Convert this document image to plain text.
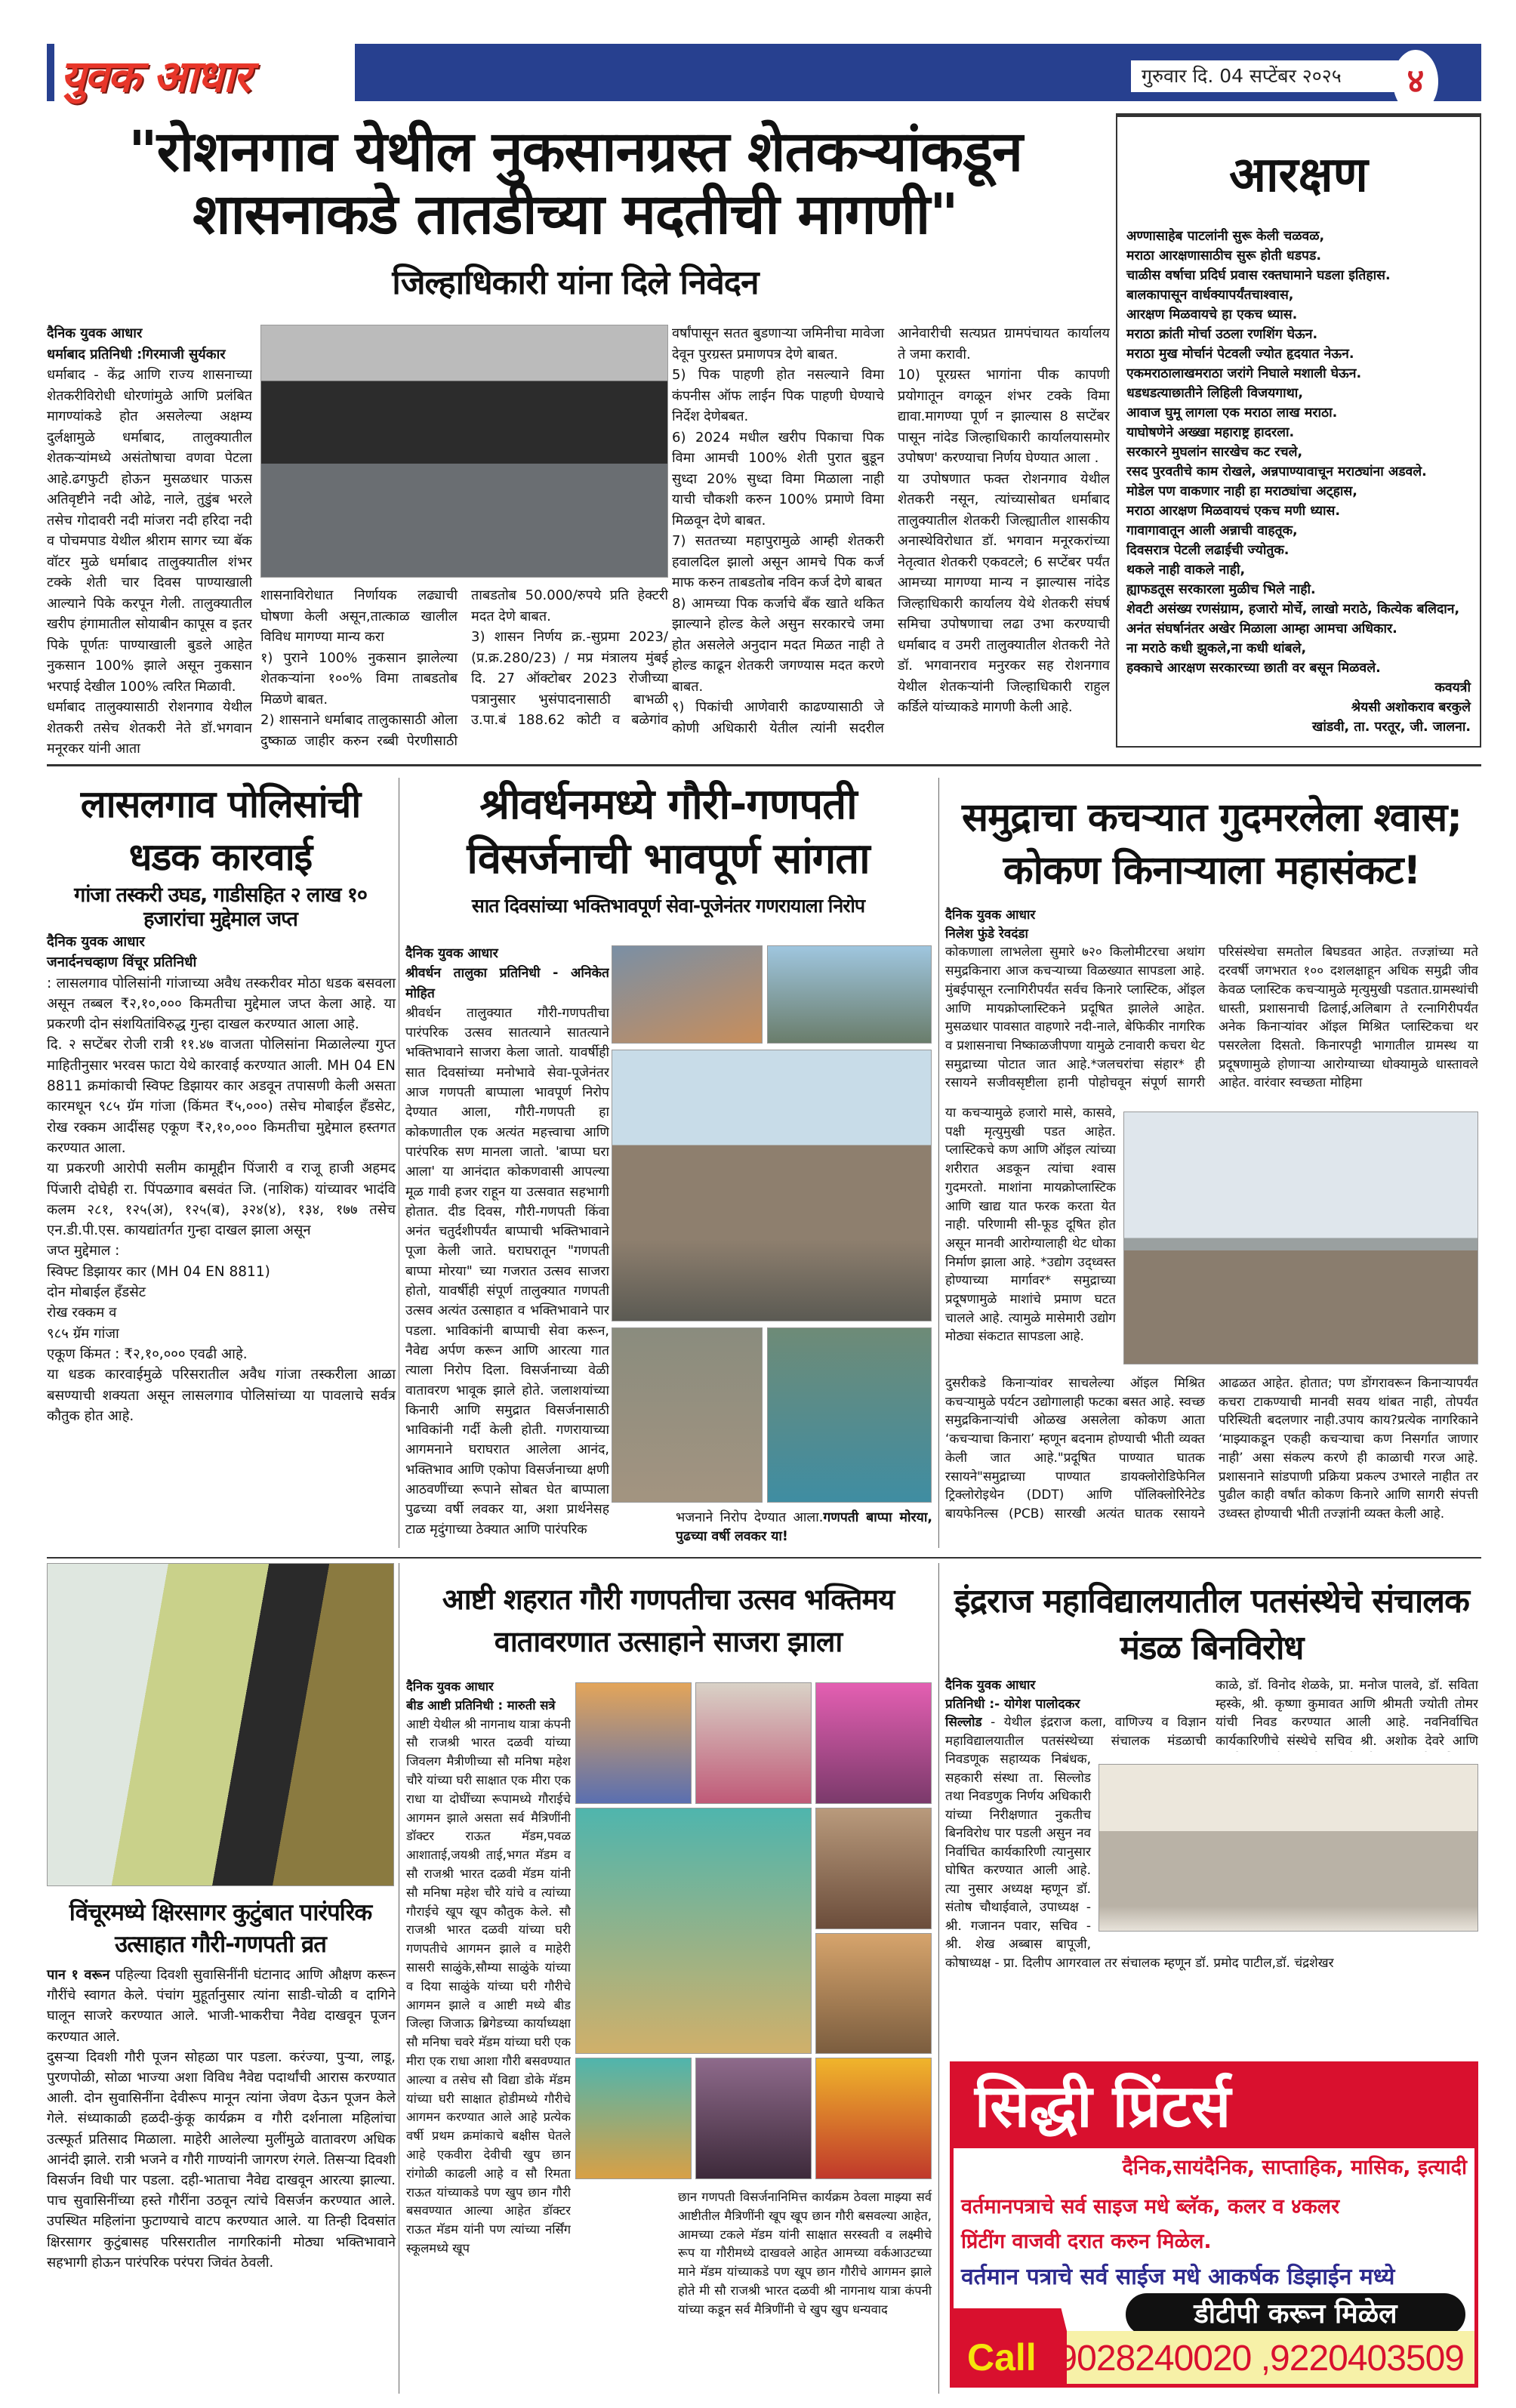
युवक आधार	गुरुवार दि. 04 सप्टेंबर २०२५	४
"रोशनगाव येथील नुकसानग्रस्त शेतकऱ्यांकडून शासनाकडे तातडीच्या मदतीची मागणी"
जिल्हाधिकारी यांना दिले निवेदन
दैनिक युवक आधार
धर्माबाद प्रतिनिधी :गिरमाजी सुर्यकार
धर्माबाद - केंद्र आणि राज्य शासनाच्या शेतकरीविरोधी धोरणांमुळे आणि प्रलंबित मागण्यांकडे होत असलेल्या अक्षम्य दुर्लक्षामुळे धर्माबाद, तालुक्यातील शेतकऱ्यांमध्ये असंतोषाचा वणवा पेटला आहे.ढगफुटी होऊन मुसळधार पाऊस अतिवृष्टीने नदी ओढे, नाले, तुडुंब भरले तसेच गोदावरी नदी मांजरा नदी हरिदा नदी व पोचमपाड येथील श्रीराम सागर च्या बॅक वॉटर मुळे धर्माबाद तालुक्यातील शंभर टक्के शेती चार दिवस पाण्याखाली आल्याने पिके करपून गेली. तालुक्यातील खरीप हंगामातील सोयाबीन कापूस व इतर पिके पूर्णतः पाण्याखाली बुडले आहेत नुकसान 100% झाले असून नुकसान भरपाई देखील 100% त्वरित मिळावी.
धर्माबाद तालुक्यासाठी रोशनगाव येथील शेतकरी तसेच शेतकरी नेते डॉ.भगवान मनूरकर यांनी आता
शासनाविरोधात निर्णायक लढ्याची घोषणा केली असून,तात्काळ खालील विविध मागण्या मान्य करा
१) पुराने 100% नुकसान झालेल्या शेतकऱ्यांना १००% विमा ताबडतोब मिळणे बाबत.
2) शासनाने धर्माबाद तालुकासाठी ओला दुष्काळ जाहीर करुन रब्बी पेरणीसाठी ताबडतोब 50.000/रुपये प्रति हेक्टरी मदत देणे बाबत.
3) शासन निर्णय क्र.-सुप्रमा 2023/ (प्र.क्र.280/23) / मप्र मंत्रालय मुंबई दि. 27 ऑक्टोबर 2023 रोजीच्या पत्रानुसार भुसंपादनासाठी बाभळी उ.पा.बं 188.62 कोटी व बळेगांव
वर्षांपासून सतत बुडणाऱ्या जमिनीचा मावेजा देवून पुरग्रस्त प्रमाणपत्र देणे बाबत.
5) पिक पाहणी होत नसल्याने विमा कंपनीस ऑफ लाईन पिक पाहणी घेण्याचे निर्देश देणेबबत.
6) 2024 मधील खरीप पिकाचा पिक विमा आमची 100% शेती पुरात बुडून सुध्दा 20% सुध्दा विमा मिळाला नाही याची चौकशी करुन 100% प्रमाणे विमा मिळवून देणे बाबत.
7) सततच्या महापुरामुळे आम्ही शेतकरी हवालदिल झालो असून आमचे पिक कर्ज माफ करुन ताबडतोब नविन कर्ज देणे बाबत
8) आमच्या पिक कर्जाचे बँक खाते थकित झाल्याने होल्ड केले असुन सरकारचे जमा होत असलेले अनुदान मदत मिळत नाही ते होल्ड काढून शेतकरी जगण्यास मदत करणे बाबत.
९) पिकांची आणेवारी काढण्यासाठी जे कोणी अधिकारी येतील त्यांनी सदरील आनेवारीची सत्यप्रत ग्रामपंचायत कार्यालय ते जमा करावी.
10) पूरग्रस्त भागांना पीक कापणी प्रयोगातून वगळून शंभर टक्के विमा द्यावा.मागण्या पूर्ण न झाल्यास 8 सप्टेंबर पासून नांदेड जिल्हाधिकारी कार्यालयासमोर उपोषण' करण्याचा निर्णय घेण्यात आला .
या उपोषणात फक्त रोशनगाव येथील शेतकरी नसून, त्यांच्यासोबत धर्माबाद तालुक्यातील शेतकरी जिल्ह्यातील शासकीय अनास्थेविरोधात डॉ. भगवान मनूरकरांच्या नेतृत्वात शेतकरी एकवटले; 6 सप्टेंबर पर्यंत आमच्या मागण्या मान्य न झाल्यास नांदेड जिल्हाधिकारी कार्यालय येथे शेतकरी संघर्ष समिचा उपोषणाचा लढा उभा करण्याची धर्माबाद व उमरी तालुक्यातील शेतकरी नेते डॉ. भगवानराव मनुरकर सह रोशनगाव येथील शेतकऱ्यांनी जिल्हाधिकारी राहुल कर्डिले यांच्याकडे मागणी केली आहे.
आरक्षण
अण्णासाहेब पाटलांनी सुरू केली चळवळ,
मराठा आरक्षणासाठीच सुरू होती धडपड.
चाळीस वर्षाचा प्रदिर्घ प्रवास रक्तघामाने घडला इतिहास.
बालकापासून वार्धक्यापर्यंतचाश्वास,
आरक्षण मिळवायचे हा एकच ध्यास.
मराठा क्रांती मोर्चा उठला रणशिंग घेऊन.
मराठा मुख मोर्चानं पेटवली ज्योत हृदयात नेऊन.
एकमराठालाखमराठा जरांगे निघाले मशाली घेऊन.
धडधडत्याछातीने लिहिली विजयगाथा,
आवाज घुमू लागला एक मराठा लाख मराठा.
याघोषणेने अख्खा महाराष्ट्र हादरला.
सरकारने मुघलांन सारखेच कट रचले,
रसद पुरवतीचे काम रोखले, अन्नपाण्यावाचून मराठ्यांना अडवले.
मोडेल पण वाकणार नाही हा मराठ्यांचा अट्हास,
मराठा आरक्षण मिळवायचं एकच मणी ध्यास.
गावागावातून आली अन्नाची वाहतूक,
दिवसरात्र पेटली लढाईची ज्योतुक.
थकले नाही वाकले नाही,
ह्याफडतूस सरकारला मुळीच भिले नाही.
शेवटी असंख्य रणसंग्राम, हजारो मोर्चे, लाखो मराठे, कित्येक बलिदान,
अनंत संघर्षानंतर अखेर मिळाला आम्हा आमचा अधिकार.
ना मराठे कधी झुकले,ना कधी थांबले,
हक्काचे आरक्षण सरकारच्या छाती वर बसून मिळवले.
कवयत्री
श्रेयसी अशोकराव बरकुले
खांडवी, ता. परतूर, जी. जालना.
लासलगाव पोलिसांची धडक कारवाई
गांजा तस्करी उघड, गाडीसहित २ लाख १० हजारांचा मुद्देमाल जप्त
दैनिक युवक आधार
जनार्दनचव्हाण विंचूर प्रतिनिधी
: लासलगाव पोलिसांनी गांजाच्या अवैध तस्करीवर मोठा धडक बसवला असून तब्बल ₹२,१०,००० किमतीचा मुद्देमाल जप्त केला आहे. या प्रकरणी दोन संशयितांविरुद्ध गुन्हा दाखल करण्यात आला आहे.
दि. २ सप्टेंबर रोजी रात्री ११.४७ वाजता पोलिसांना मिळालेल्या गुप्त माहितीनुसार भरवस फाटा येथे कारवाई करण्यात आली. MH 04 EN 8811 क्रमांकाची स्विफ्ट डिझायर कार अडवून तपासणी केली असता कारमधून ९८५ ग्रॅम गांजा (किंमत ₹५,०००) तसेच मोबाईल हँडसेट, रोख रक्कम आदींसह एकूण ₹२,१०,००० किमतीचा मुद्देमाल हस्तगत करण्यात आला.
या प्रकरणी आरोपी सलीम कामूद्दीन पिंजारी व राजू हाजी अहमद पिंजारी दोघेही रा. पिंपळगाव बसवंत जि. (नाशिक) यांच्यावर भादंवि कलम २८१, १२५(अ), १२५(ब), ३२४(४), १३४, १७७ तसेच एन.डी.पी.एस. कायद्यांतर्गत गुन्हा दाखल झाला असून
जप्त मुद्देमाल :
स्विफ्ट डिझायर कार (MH 04 EN 8811)
दोन मोबाईल हँडसेट
रोख रक्कम व
९८५ ग्रॅम गांजा
एकूण किंमत : ₹२,१०,००० एवढी आहे.
या धडक कारवाईमुळे परिसरातील अवैध गांजा तस्करीला आळा बसण्याची शक्यता असून लासलगाव पोलिसांच्या या पावलाचे सर्वत्र कौतुक होत आहे.
श्रीवर्धनमध्ये गौरी-गणपती विसर्जनाची भावपूर्ण सांगता
सात दिवसांच्या भक्तिभावपूर्ण सेवा-पूजेनंतर गणरायाला निरोप
दैनिक युवक आधार
श्रीवर्धन तालुका प्रतिनिधी - अनिकेत मोहित
श्रीवर्धन तालुक्यात गौरी-गणपतीचा पारंपरिक उत्सव सातत्याने सातत्याने भक्तिभावाने साजरा केला जातो. यावर्षीही सात दिवसांच्या मनोभावे सेवा-पूजेनंतर आज गणपती बाप्पाला भावपूर्ण निरोप देण्यात आला, गौरी-गणपती हा कोकणातील एक अत्यंत महत्त्वाचा आणि पारंपरिक सण मानला जातो. 'बाप्पा घरा आला' या आनंदात कोकणवासी आपल्या मूळ गावी हजर राहून या उत्सवात सहभागी होतात. दीड दिवस, गौरी-गणपती किंवा अनंत चतुर्दशीपर्यंत बाप्पाची भक्तिभावाने पूजा केली जाते. घराघरातून "गणपती बाप्पा मोरया" च्या गजरात उत्सव साजरा होतो, यावर्षीही संपूर्ण तालुक्यात गणपती उत्सव अत्यंत उत्साहात व भक्तिभावाने पार पडला. भाविकांनी बाप्पाची सेवा करून, नैवेद्य अर्पण करून आणि आरत्या गात त्याला निरोप दिला. विसर्जनाच्या वेळी वातावरण भावूक झाले होते. जलाशयांच्या किनारी आणि समुद्रात विसर्जनासाठी भाविकांनी गर्दी केली होती. गणरायाच्या आगमनाने घराघरात आलेला आनंद, भक्तिभाव आणि एकोपा विसर्जनाच्या क्षणी आठवणींच्या रूपाने सोबत घेत बाप्पाला पुढच्या वर्षी लवकर या, अशा प्रार्थनेसह टाळ मृदुंगाच्या ठेक्यात आणि पारंपरिक
भजनाने निरोप देण्यात आला.गणपती बाप्पा मोरया, पुढच्या वर्षी लवकर या!
समुद्राचा कचऱ्यात गुदमरलेला श्वास; कोकण किनाऱ्याला महासंकट!
दैनिक युवक आधार
निलेश फुंडे रेवदंडा
कोकणाला लाभलेला सुमारे ७२० किलोमीटरचा अथांग समुद्रकिनारा आज कचऱ्याच्या विळख्यात सापडला आहे. मुंबईपासून रत्नागिरीपर्यंत सर्वच किनारे प्लास्टिक, ऑइल आणि मायक्रोप्लास्टिकने प्रदूषित झालेले आहेत. मुसळधार पावसात वाहणारे नदी-नाले, बेफिकीर नागरिक व प्रशासनाचा निष्काळजीपणा यामुळे टनावारी कचरा थेट समुद्राच्या पोटात जात आहे.*जलचरांचा संहार* ही रसायने सजीवसृष्टीला हानी पोहोचवून संपूर्ण सागरी परिसंस्थेचा समतोल बिघडवत आहेत. तज्ज्ञांच्या मते दरवर्षी जगभरात १०० दशलक्षाहून अधिक समुद्री जीव केवळ प्लास्टिक कचऱ्यामुळे मृत्युमुखी पडतात.ग्रामस्थांची धास्ती, प्रशासनाची ढिलाई,अलिबाग ते रत्नागिरीपर्यंत अनेक किनाऱ्यांवर ऑइल मिश्रित प्लास्टिकचा थर पसरलेला दिसतो. किनारपट्टी भागातील ग्रामस्थ या प्रदूषणामुळे होणाऱ्या आरोग्याच्या धोक्यामुळे धास्तावले आहेत. वारंवार स्वच्छता मोहिमा
या कचऱ्यामुळे हजारो मासे, कासवे, पक्षी मृत्युमुखी पडत आहेत. प्लास्टिकचे कण आणि ऑइल त्यांच्या शरीरात अडकून त्यांचा श्वास गुदमरतो. माशांना मायक्रोप्लास्टिक आणि खाद्य यात फरक करता येत नाही. परिणामी सी-फूड दूषित होत असून मानवी आरोग्यालाही थेट धोका निर्माण झाला आहे. *उद्योग उद्ध्वस्त होण्याच्या मार्गावर* समुद्राच्या प्रदूषणामुळे माशांचे प्रमाण घटत चालले आहे. त्यामुळे मासेमारी उद्योग मोठ्या संकटात सापडला आहे.
दुसरीकडे किनाऱ्यांवर साचलेल्या ऑइल मिश्रित कचऱ्यामुळे पर्यटन उद्योगालाही फटका बसत आहे. स्वच्छ समुद्रकिनाऱ्यांची ओळख असलेला कोकण आता ‘कचऱ्याचा किनारा’ म्हणून बदनाम होण्याची भीती व्यक्त केली जात आहे."प्रदूषित पाण्यात घातक रसायने"समुद्राच्या पाण्यात डायक्लोरोडिफेनिल ट्रिक्लोरोइथेन (DDT) आणि पॉलिक्लोरिनेटेड बायफेनिल्स (PCB) सारखी अत्यंत घातक रसायने आढळत आहेत. होतात; पण डोंगरावरून किनाऱ्यापर्यंत कचरा टाकण्याची मानवी सवय थांबत नाही, तोपर्यंत परिस्थिती बदलणार नाही.उपाय काय?प्रत्येक नागरिकाने ‘माझ्याकडून एकही कचऱ्याचा कण निसर्गात जाणार नाही’ असा संकल्प करणे ही काळाची गरज आहे. प्रशासनाने सांडपाणी प्रक्रिया प्रकल्प उभारले नाहीत तर पुढील काही वर्षांत कोकण किनारे आणि सागरी संपत्ती उध्वस्त होण्याची भीती तज्ज्ञांनी व्यक्त केली आहे.
विंचूरमध्ये क्षिरसागर कुटुंबात पारंपरिक उत्साहात गौरी-गणपती व्रत
पान १ वरून पहिल्या दिवशी सुवासिनींनी घंटानाद आणि औक्षण करून गौरींचे स्वागत केले. पंचांग मुहूर्तानुसार त्यांना साडी-चोळी व दागिने घालून साजरे करण्यात आले. भाजी-भाकरीचा नैवेद्य दाखवून पूजन करण्यात आले.
दुसऱ्या दिवशी गौरी पूजन सोहळा पार पडला. करंज्या, पुऱ्या, लाडू, पुरणपोळी, सोळा भाज्या अशा विविध नैवेद्य पदार्थांची आरास करण्यात आली. दोन सुवासिनींना देवीरूप मानून त्यांना जेवण देऊन पूजन केले गेले. संध्याकाळी हळदी-कुंकू कार्यक्रम व गौरी दर्शनाला महिलांचा उत्स्फूर्त प्रतिसाद मिळाला. माहेरी आलेल्या मुलींमुळे वातावरण अधिक आनंदी झाले. रात्री भजने व गौरी गाण्यांनी जागरण रंगले. तिसऱ्या दिवशी विसर्जन विधी पार पडला. दही-भाताचा नैवेद्य दाखवून आरत्या झाल्या. पाच सुवासिनींच्या हस्ते गौरींना उठवून त्यांचे विसर्जन करण्यात आले. उपस्थित महिलांना फुटाण्याचे वाटप करण्यात आले. या तिन्ही दिवसांत क्षिरसागर कुटुंबासह परिसरातील नागरिकांनी मोठ्या भक्तिभावाने सहभागी होऊन पारंपरिक परंपरा जिवंत ठेवली.
आष्टी शहरात गौरी गणपतीचा उत्सव भक्तिमय वातावरणात उत्साहाने साजरा झाला
दैनिक युवक आधार
बीड आष्टी प्रतिनिधी : मारुती सत्रे
आष्टी येथील श्री नागनाथ यात्रा कंपनी सौ राजश्री भारत दळवी यांच्या जिवलग मैत्रीणीच्या सौ मनिषा महेश चौरे यांच्या घरी साक्षात एक मीरा एक राधा या दोघींच्या रूपामध्ये गौराईचे आगमन झाले असता सर्व मैत्रिणींनी डॉक्टर राऊत मॅडम,पवळ आशाताई,जयश्री ताई,भगत मॅडम व सौ राजश्री भारत दळवी मॅडम यांनी सौ मनिषा महेश चौरे यांचे व त्यांच्या गौराईचे खूप खूप कौतुक केले. सौ राजश्री भारत दळवी यांच्या घरी गणपतीचे आगमन झाले व माहेरी सासरी साळुंके,सौम्या साळुंके यांच्या व दिया साळुंके यांच्या घरी गौरीचे आगमन झाले व आष्टी मध्ये बीड जिल्हा जिजाऊ ब्रिगेडच्या कार्याध्यक्षा सौ मनिषा चवरे मॅडम यांच्या घरी एक मीरा एक राधा आशा गौरी बसवण्यात आल्या व तसेच सौ विद्या डोके मॅडम यांच्या घरी साक्षात होडीमध्ये गौरीचे आगमन करण्यात आले आहे प्रत्येक वर्षी प्रथम क्रमांकाचे बक्षीस घेतले आहे एकवीरा देवीची खुप छान रांगोळी काढली आहे व सौ रिमता राऊत यांच्याकडे पण खुप छान गौरी बसवण्यात आल्या आहेत डॉक्टर राऊत मॅडम यांनी पण त्यांच्या नर्सिंग स्कूलमध्ये खूप
छान गणपती विसर्जनानिमित्त कार्यक्रम ठेवला माझ्या सर्व आष्टीतील मैत्रिणींनी खूप खूप छान गौरी बसवल्या आहेत, आमच्या टकले मॅडम यांनी साक्षात सरस्वती व लक्ष्मीचे रूप या गौरीमध्ये दाखवले आहेत आमच्या वर्कआउटच्या माने मॅडम यांच्याकडे पण खूप छान गौरीचे आगमन झाले होते मी सौ राजश्री भारत दळवी श्री नागनाथ यात्रा कंपनी यांच्या कडून सर्व मैत्रिणींनी चे खुप खुप धन्यवाद
इंद्रराज महाविद्यालयातील पतसंस्थेचे संचालक मंडळ बिनविरोध
दैनिक युवक आधार
प्रतिनिधी :- योगेश पालोदकर
सिल्लोड - येथील इंद्रराज कला, वाणिज्य व विज्ञान महाविद्यालयातील पतसंस्थेच्या संचालक मंडळाची निवडणूक सहाय्यक निबंधक, सहकारी संस्था ता. सिल्लोड तथा निवडणुक निर्णय अधिकारी यांच्या निरीक्षणात नुकतीच बिनविरोध पार पडली असुन नव निर्वाचित कार्यकारिणी त्यानुसार घोषित करण्यात आली आहे. त्या नुसार अध्यक्ष म्हणून डॉ. संतोष चौथाईवाले, उपाध्यक्ष - श्री. गजानन पवार, सचिव - श्री. शेख अब्बास बापूजी, कोषाध्यक्ष - प्रा. दिलीप आगरवाल तर संचालक म्हणून डॉ. प्रमोद पाटील,डॉ. चंद्रशेखर
काळे, डॉ. विनोद शेळके, प्रा. मनोज पालवे, डॉ. सविता म्हस्के, श्री. कृष्णा कुमावत आणि श्रीमती ज्योती तोमर यांची निवड करण्यात आली आहे. नवनिर्वाचित कार्यकारिणीचे संस्थेचे सचिव श्री. अशोक देवरे आणि
सिद्धी प्रिंटर्स
दैनिक,सायंदैनिक, साप्ताहिक, मासिक, इत्यादी
वर्तमानपत्राचे सर्व साइज मधे ब्लॅक, कलर व ४कलर
प्रिंटींग वाजवी दरात करुन मिळेल.
वर्तमान पत्राचे सर्व साईज मधे आकर्षक डिझाईन मध्ये
डीटीपी करून मिळेल
Call 9028240020 ,9220403509
